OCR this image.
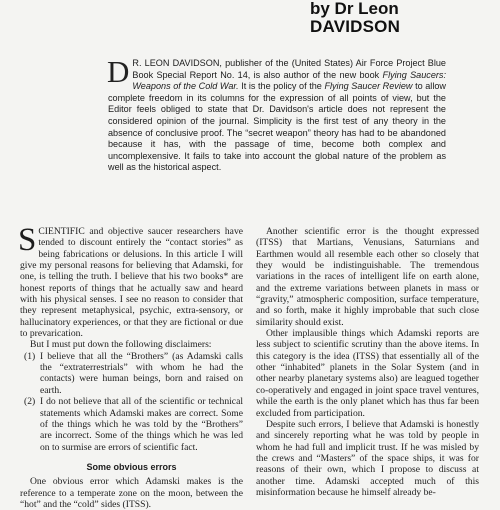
by Dr Leon

DAVIDSON
D R. LEON DAVIDSON, publisher of the (United States) Air Force Project Blue Book Special Report No. 14, is also author of the new book Flying Saucers: Weapons of the Cold War. It is the policy of the Flying Saucer Review to allow complete freedom in its columns for the expression of all points of view, but the Editor feels obliged to state that Dr. Davidson's article does not represent the considered opinion of the journal. Simplicity is the first test of any theory in the absence of conclusive proof. The “secret weapon” theory has had to be abandoned because it has, with the passage of time, become both complex and uncomplexensive. It fails to take into account the global nature of the problem as well as the historical aspect.

SCIENTIFIC and objective saucer researchers have tended to discount entirely the “contact stories” as being fabrications or delusions. In this article I will give my personal reasons for believing that Adamski, for one, is telling the truth. I believe that his two books* are honest reports of things that he actually saw and heard with his physical senses. I see no reason to consider that they represent metaphysical, psychic, extra-sensory, or hallucinatory experiences, or that they are fictional or due to prevarication.

But I must put down the following disclaimers:

(1) I believe that all the “Brothers” (as Adamski calls the “extraterrestrials” with whom he had the contacts) were human beings, born and raised on earth.
(2) I do not believe that all of the scientific or technical statements which Adamski makes are correct. Some of the things which he was told by the “Brothers” are incorrect. Some of the things which he was led on to surmise are errors of scientific fact.
Some obvious errors

One obvious error which Adamski makes is the reference to a temperate zone on the moon, between the “hot” and the “cold” sides (ITSS).

Another scientific error is the thought expressed (ITSS) that Martians, Venusians, Saturnians and Earthmen would all resemble each other so closely that they would be indistinguishable. The tremendous variations in the races of intelligent life on earth alone, and the extreme variations between planets in mass or “gravity,” atmospheric composition, surface temperature, and so forth, make it highly improbable that such close similarity should exist.

Other implausible things which Adamski reports are less subject to scientific scrutiny than the above items. In this category is the idea (ITSS) that essentially all of the other “inhabited” planets in the Solar System (and in other nearby planetary systems also) are leagued together co-operatively and engaged in joint space travel ventures, while the earth is the only planet which has thus far been excluded from participation.

Despite such errors, I believe that Adamski is honestly and sincerely reporting what he was told by people in whom he had full and implicit trust. If he was misled by the crews and “Masters” of the space ships, it was for reasons of their own, which I propose to discuss at another time. Adamski accepted much of this misinformation because he himself already be-
